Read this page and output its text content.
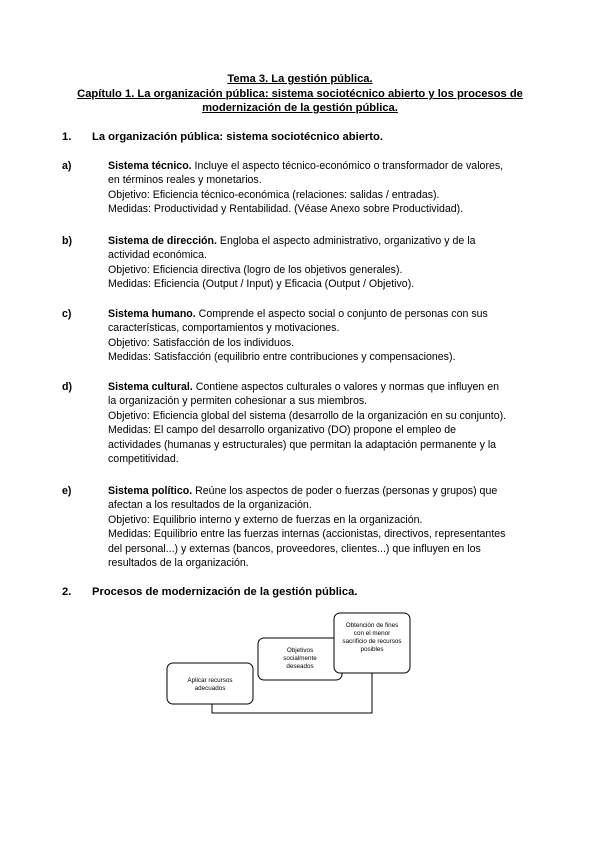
Tema 3. La gestión pública.
Capítulo 1. La organización pública: sistema sociotécnico abierto y los procesos de
modernización de la gestión pública.
1. La organización pública: sistema sociotécnico abierto.
a)	Sistema técnico. Incluye el aspecto técnico-económico o transformador de valores,
en términos reales y monetarios.
Objetivo: Eficiencia técnico-económica (relaciones: salidas / entradas).
Medidas: Productividad y Rentabilidad. (Véase Anexo sobre Productividad).
b)	Sistema de dirección. Engloba el aspecto administrativo, organizativo y de la
actividad económica.
Objetivo: Eficiencia directiva (logro de los objetivos generales).
Medidas: Eficiencia (Output / Input) y Eficacia (Output / Objetivo).
c)	Sistema humano. Comprende el aspecto social o conjunto de personas con sus
características, comportamientos y motivaciones.
Objetivo: Satisfacción de los individuos.
Medidas: Satisfacción (equilibrio entre contribuciones y compensaciones).
d)	Sistema cultural. Contiene aspectos culturales o valores y normas que influyen en
la organización y permiten cohesionar a sus miembros.
Objetivo: Eficiencia global del sistema (desarrollo de la organización en su conjunto).
Medidas: El campo del desarrollo organizativo (DO) propone el empleo de
actividades (humanas y estructurales) que permitan la adaptación permanente y la
competitividad.
e)	Sistema político. Reúne los aspectos de poder o fuerzas (personas y grupos) que
afectan a los resultados de la organización.
Objetivo: Equilibrio interno y externo de fuerzas en la organización.
Medidas: Equilibrio entre las fuerzas internas (accionistas, directivos, representantes
del personal...) y externas (bancos, proveedores, clientes...) que influyen en los
resultados de la organización.
2. Procesos de modernización de la gestión pública.
Aplicar recursos
adecuados
Objetivos
socialmente
deseados
Obtención de fines
con el menor
sacrificio de recursos
posibles
